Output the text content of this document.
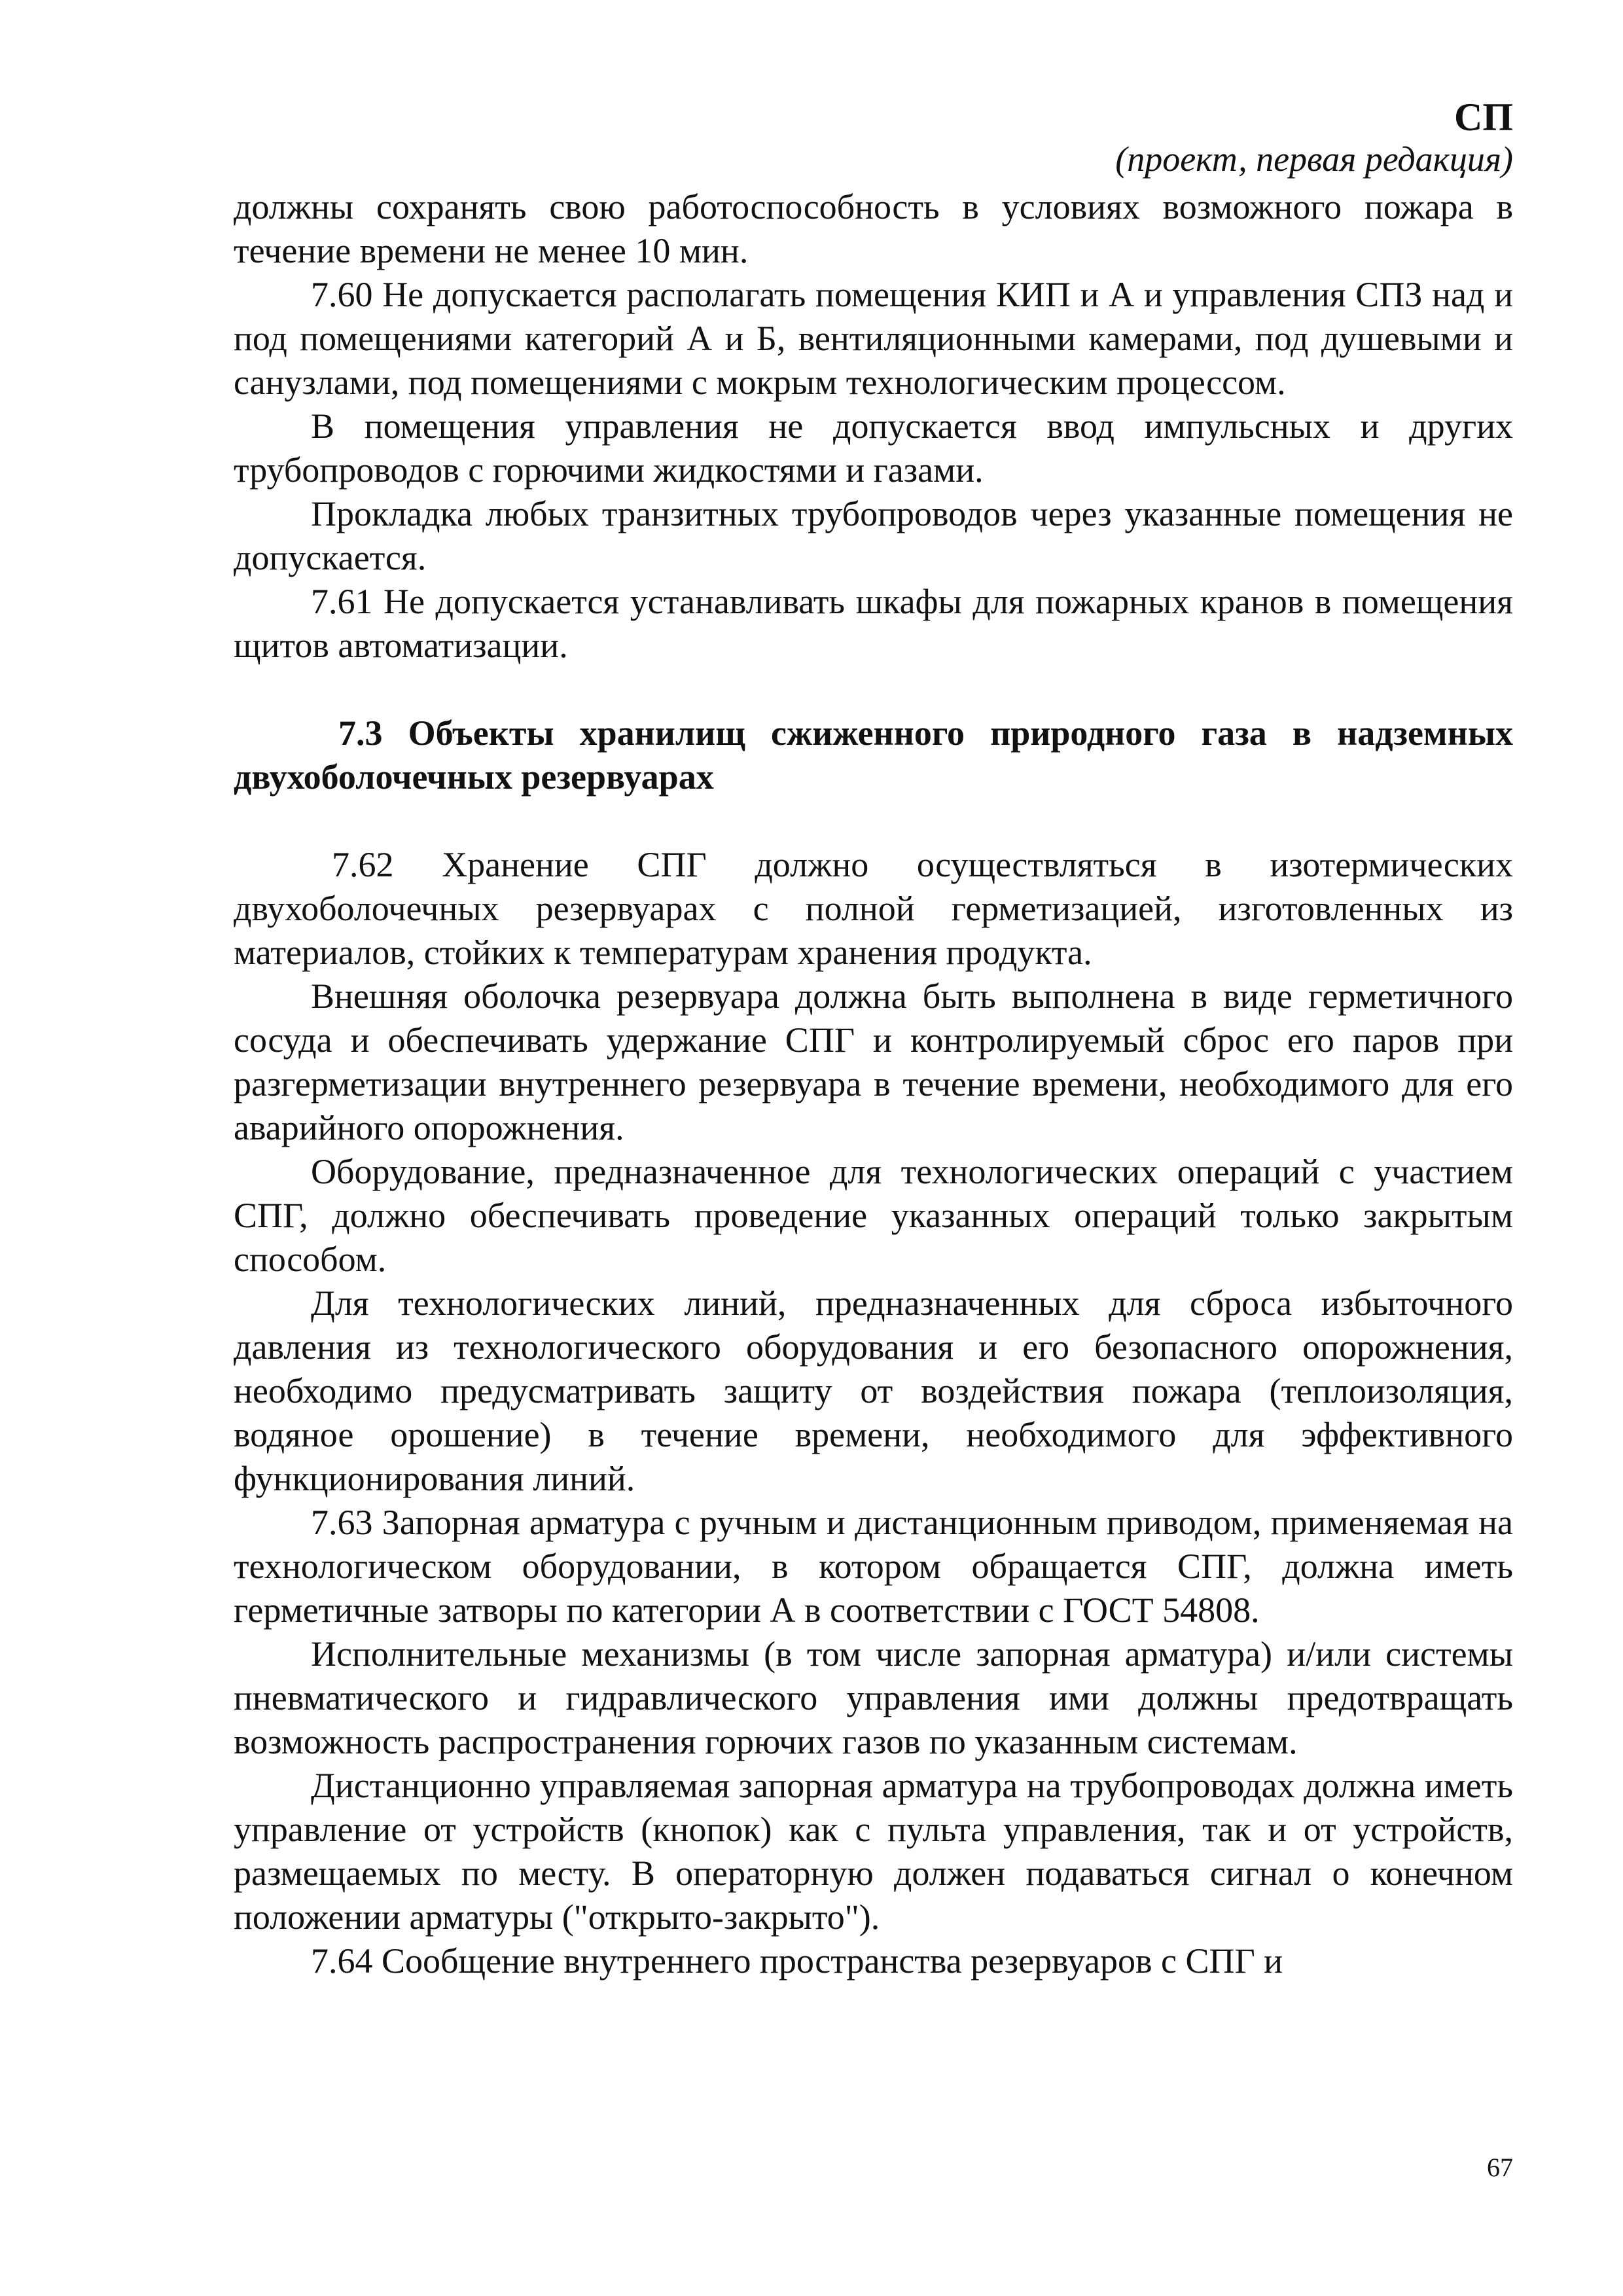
СП
(проект, первая редакция)

должны сохранять свою работоспособность в условиях возможного пожара в течение времени не менее 10 мин.

7.60 Не допускается располагать помещения КИП и А и управления СПЗ над и под помещениями категорий А и Б, вентиляционными камерами, под душевыми и санузлами, под помещениями с мокрым технологическим процессом.

В помещения управления не допускается ввод импульсных и других трубопроводов с горючими жидкостями и газами.

Прокладка любых транзитных трубопроводов через указанные помещения не допускается.

7.61 Не допускается устанавливать шкафы для пожарных кранов в помещения щитов автоматизации.

7.3 Объекты хранилищ сжиженного природного газа в надземных двухоболочечных резервуарах

7.62 Хранение СПГ должно осуществляться в изотермических двухоболочечных резервуарах с полной герметизацией, изготовленных из материалов, стойких к температурам хранения продукта.

Внешняя оболочка резервуара должна быть выполнена в виде герметичного сосуда и обеспечивать удержание СПГ и контролируемый сброс его паров при разгерметизации внутреннего резервуара в течение времени, необходимого для его аварийного опорожнения.

Оборудование, предназначенное для технологических операций с участием СПГ, должно обеспечивать проведение указанных операций только закрытым способом.

Для технологических линий, предназначенных для сброса избыточного давления из технологического оборудования и его безопасного опорожнения, необходимо предусматривать защиту от воздействия пожара (теплоизоляция, водяное орошение) в течение времени, необходимого для эффективного функционирования линий.

7.63 Запорная арматура с ручным и дистанционным приводом, применяемая на технологическом оборудовании, в котором обращается СПГ, должна иметь герметичные затворы по категории А в соответствии с ГОСТ 54808.

Исполнительные механизмы (в том числе запорная арматура) и/или системы пневматического и гидравлического управления ими должны предотвращать возможность распространения горючих газов по указанным системам.

Дистанционно управляемая запорная арматура на трубопроводах должна иметь управление от устройств (кнопок) как с пульта управления, так и от устройств, размещаемых по месту. В операторную должен подаваться сигнал о конечном положении арматуры ("открыто-закрыто").

7.64 Сообщение внутреннего пространства резервуаров с СПГ и

67
